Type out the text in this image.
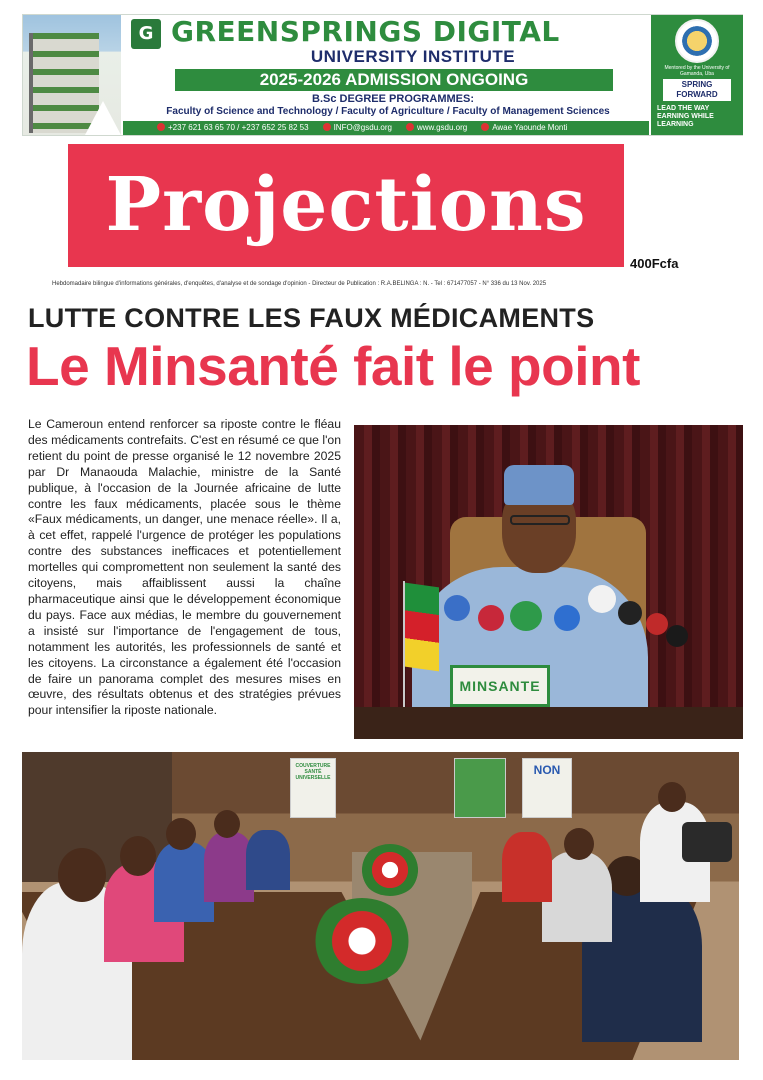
G GREENSPRINGS DIGITAL
UNIVERSITY INSTITUTE
2025-2026 ADMISSION ONGOING
B.Sc DEGREE PROGRAMMES:
Faculty of Science and Technology / Faculty of Agriculture / Faculty of Management Sciences
+237 621 63 65 70 / +237 652 25 82 53	INFO@gsdu.org	www.gsdu.org	Awae Yaounde Monti
Mentored by the University of Gamanda, Uba
SPRING FORWARD
LEAD THE WAY EARNING WHILE LEARNING
Projections
400Fcfa
Hebdomadaire bilingue d'informations générales, d'enquêtes, d'analyse et de sondage d'opinion - Directeur de Publication : R.A.BELINGA : N. - Tel : 671477057 - N° 336 du 13 Nov. 2025
LUTTE CONTRE LES FAUX MÉDICAMENTS
Le Minsanté fait le point
Le Cameroun entend renforcer sa riposte contre le fléau des médicaments contrefaits. C'est en résumé ce que l'on retient du point de presse organisé le 12 novembre 2025 par Dr Manaouda Malachie, ministre de la Santé publique, à l'occasion de la Journée africaine de lutte contre les faux médicaments, placée sous le thème «Faux médicaments, un danger, une menace réelle». Il a, à cet effet, rappelé l'urgence de protéger les populations contre des substances inefficaces et potentiellement mortelles qui compromettent non seulement la santé des citoyens, mais affaiblissent aussi la chaîne pharmaceutique ainsi que le développement économique du pays. Face aux médias, le membre du gouvernement a insisté sur l'importance de l'engagement de tous, notamment les autorités, les professionnels de santé et les citoyens. La circonstance a également été l'occasion de faire un panorama complet des mesures mises en œuvre, des résultats obtenus et des stratégies prévues pour intensifier la riposte nationale.
MINSANTE
COUVERTURE SANTÉ UNIVERSELLE
NON
